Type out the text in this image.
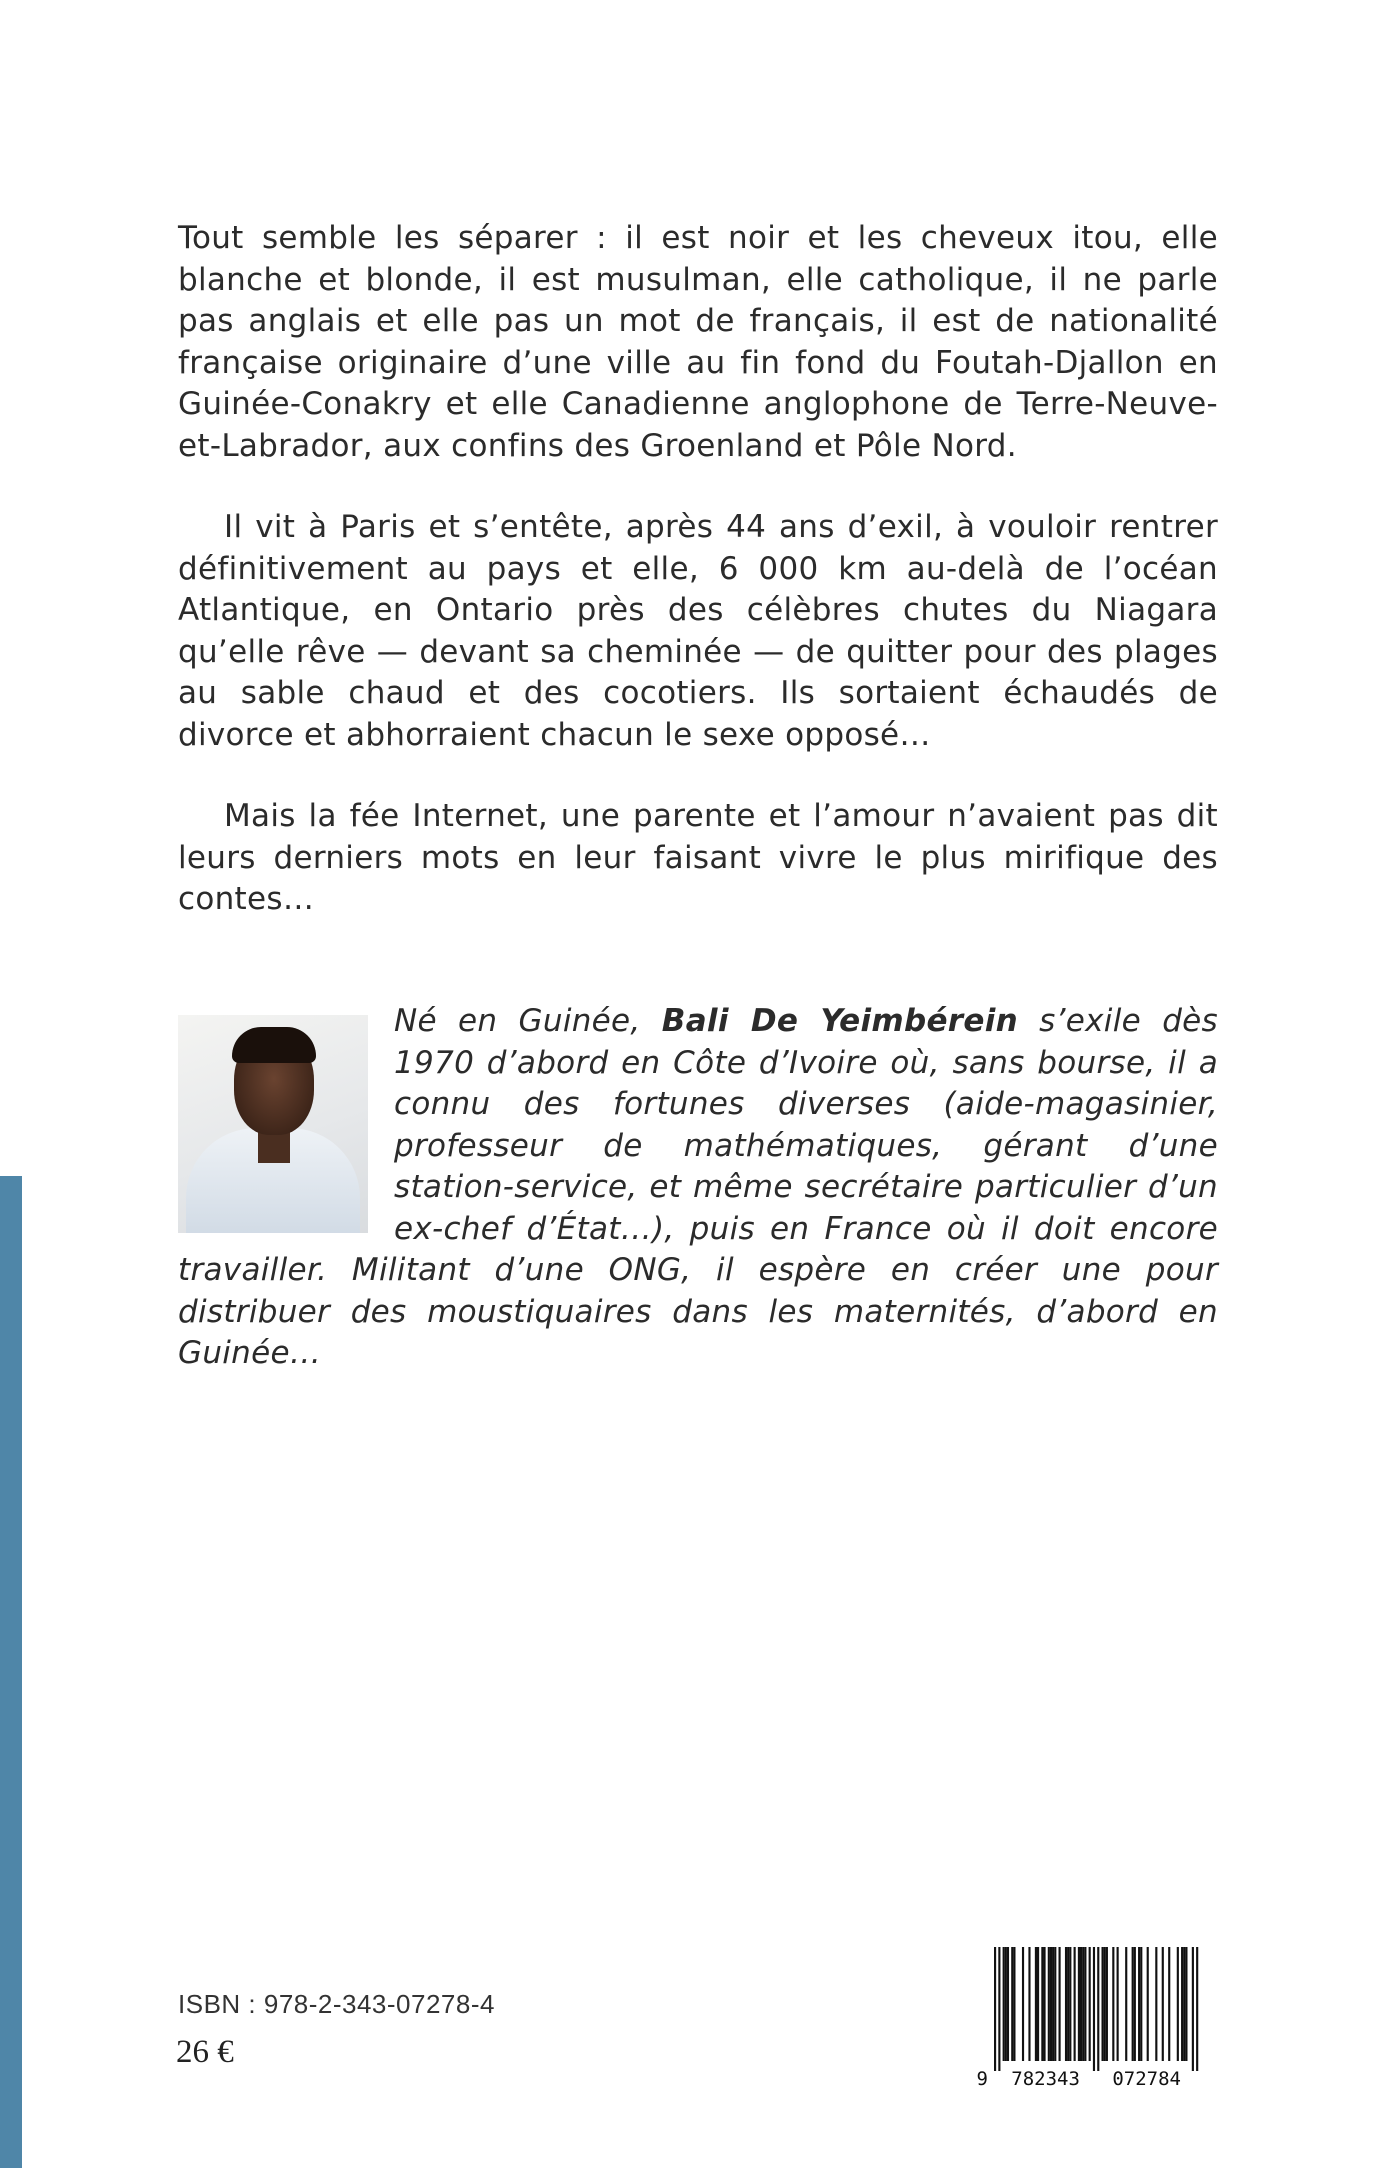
Tout semble les séparer : il est noir et les cheveux itou, elle blanche et blonde, il est musulman, elle catholique, il ne parle pas anglais et elle pas un mot de français, il est de nationalité française originaire d’une ville au fin fond du Foutah-Djallon en Guinée-Conakry et elle Canadienne anglophone de Terre-Neuve-et-Labrador, aux confins des Groenland et Pôle Nord.

Il vit à Paris et s’entête, après 44 ans d’exil, à vouloir rentrer définitivement au pays et elle, 6 000 km au-delà de l’océan Atlantique, en Ontario près des célèbres chutes du Niagara qu’elle rêve — devant sa cheminée — de quitter pour des plages au sable chaud et des cocotiers. Ils sortaient échaudés de divorce et abhorraient chacun le sexe opposé…

Mais la fée Internet, une parente et l’amour n’avaient pas dit leurs derniers mots en leur faisant vivre le plus mirifique des contes…

Né en Guinée, Bali De Yeimbérein s’exile dès 1970 d’abord en Côte d’Ivoire où, sans bourse, il a connu des fortunes diverses (aide-magasinier, professeur de mathématiques, gérant d’une station-service, et même secrétaire particulier d’un ex-chef d’État…), puis en France où il doit encore travailler. Militant d’une ONG, il espère en créer une pour distribuer des moustiquaires dans les maternités, d’abord en Guinée…

ISBN : 978-2-343-07278-4
26 €
9 782343 072784
